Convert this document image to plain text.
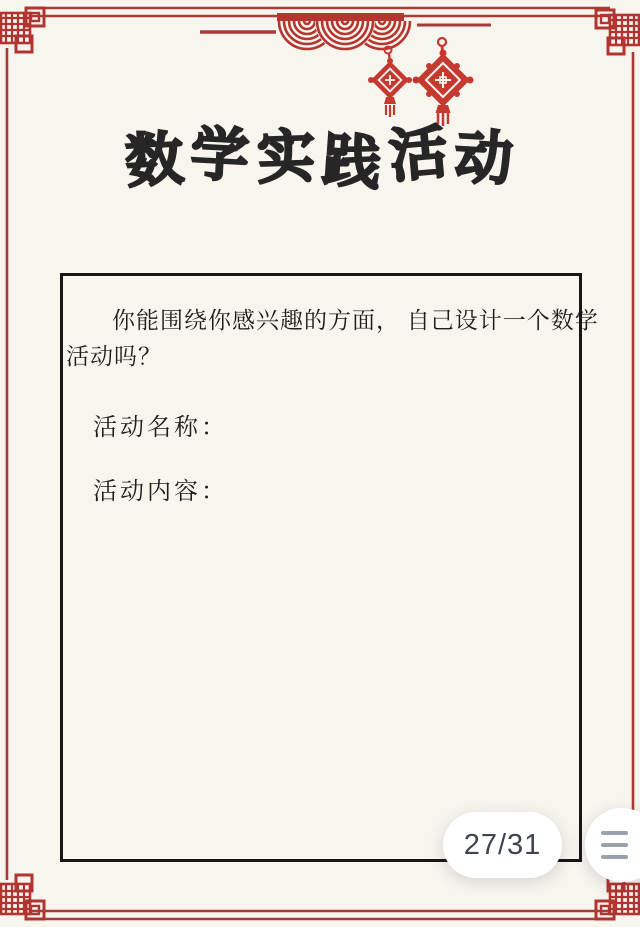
数学实践活动
你能围绕你感兴趣的方面， 自己设计一个数学
活动吗？
活动名称：
活动内容：
27/31
